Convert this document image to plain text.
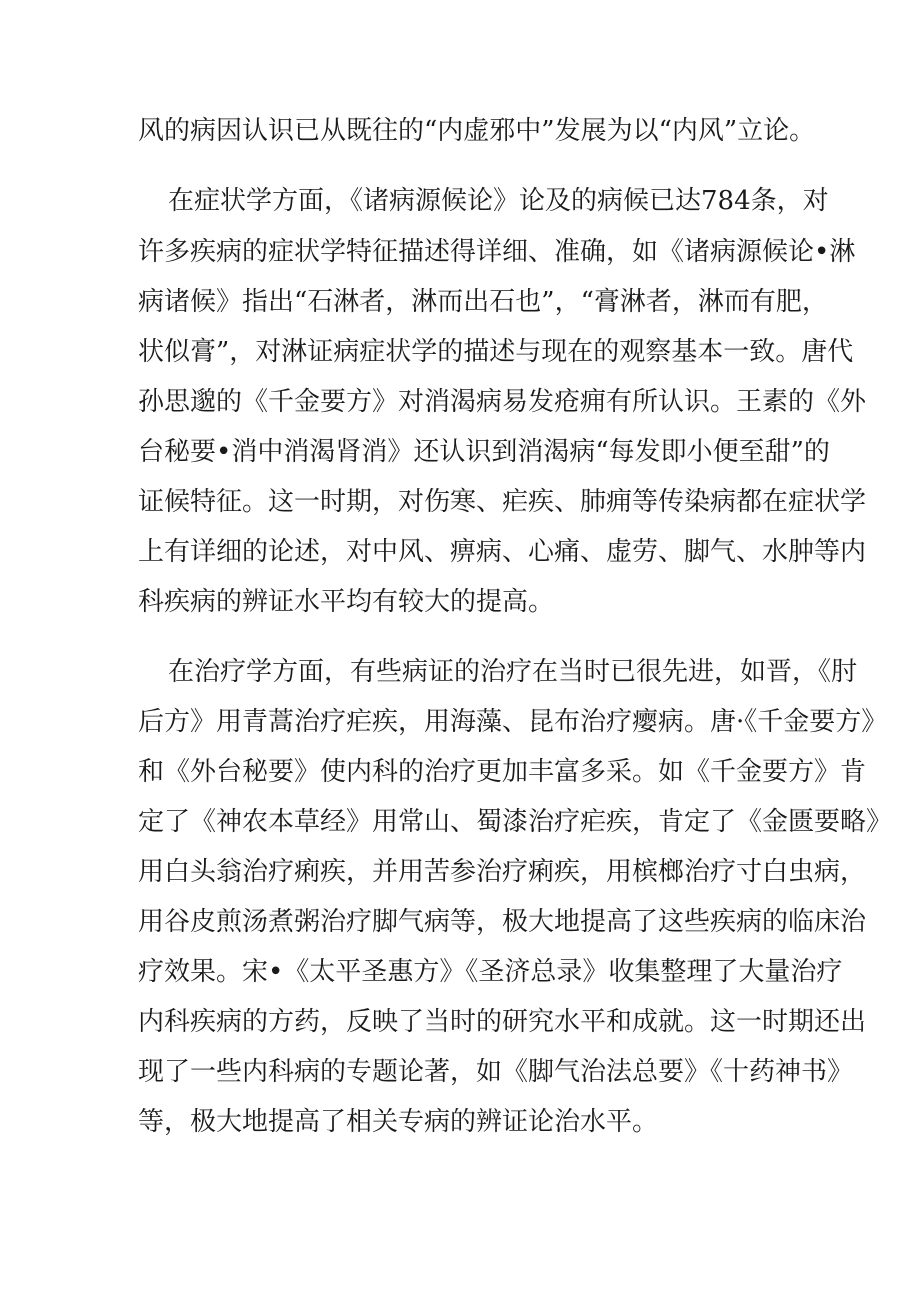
风的病因认识已从既往的“内虚邪中”发展为以“内风”立论。
在症状学方面，《诸病源候论》论及的病候已达784条，对
许多疾病的症状学特征描述得详细、准确，如《诸病源候论•淋
病诸候》指出“石淋者，淋而出石也”，“膏淋者，淋而有肥，
状似膏”，对淋证病症状学的描述与现在的观察基本一致。唐代
孙思邈的《千金要方》对消渴病易发疮痈有所认识。王素的《外
台秘要•消中消渴肾消》还认识到消渴病“每发即小便至甜”的
证候特征。这一时期，对伤寒、疟疾、肺痈等传染病都在症状学
上有详细的论述，对中风、痹病、心痛、虚劳、脚气、水肿等内
科疾病的辨证水平均有较大的提高。
在治疗学方面，有些病证的治疗在当时已很先进，如晋，《肘
后方》用青蒿治疗疟疾，用海藻、昆布治疗瘿病。唐·《千金要方》
和《外台秘要》使内科的治疗更加丰富多采。如《千金要方》肯
定了《神农本草经》用常山、蜀漆治疗疟疾，肯定了《金匮要略》
用白头翁治疗痢疾，并用苦参治疗痢疾，用槟榔治疗寸白虫病，
用谷皮煎汤煮粥治疗脚气病等，极大地提高了这些疾病的临床治
疗效果。宋•《太平圣惠方》《圣济总录》收集整理了大量治疗
内科疾病的方药，反映了当时的研究水平和成就。这一时期还出
现了一些内科病的专题论著，如《脚气治法总要》《十药神书》
等，极大地提高了相关专病的辨证论治水平。
